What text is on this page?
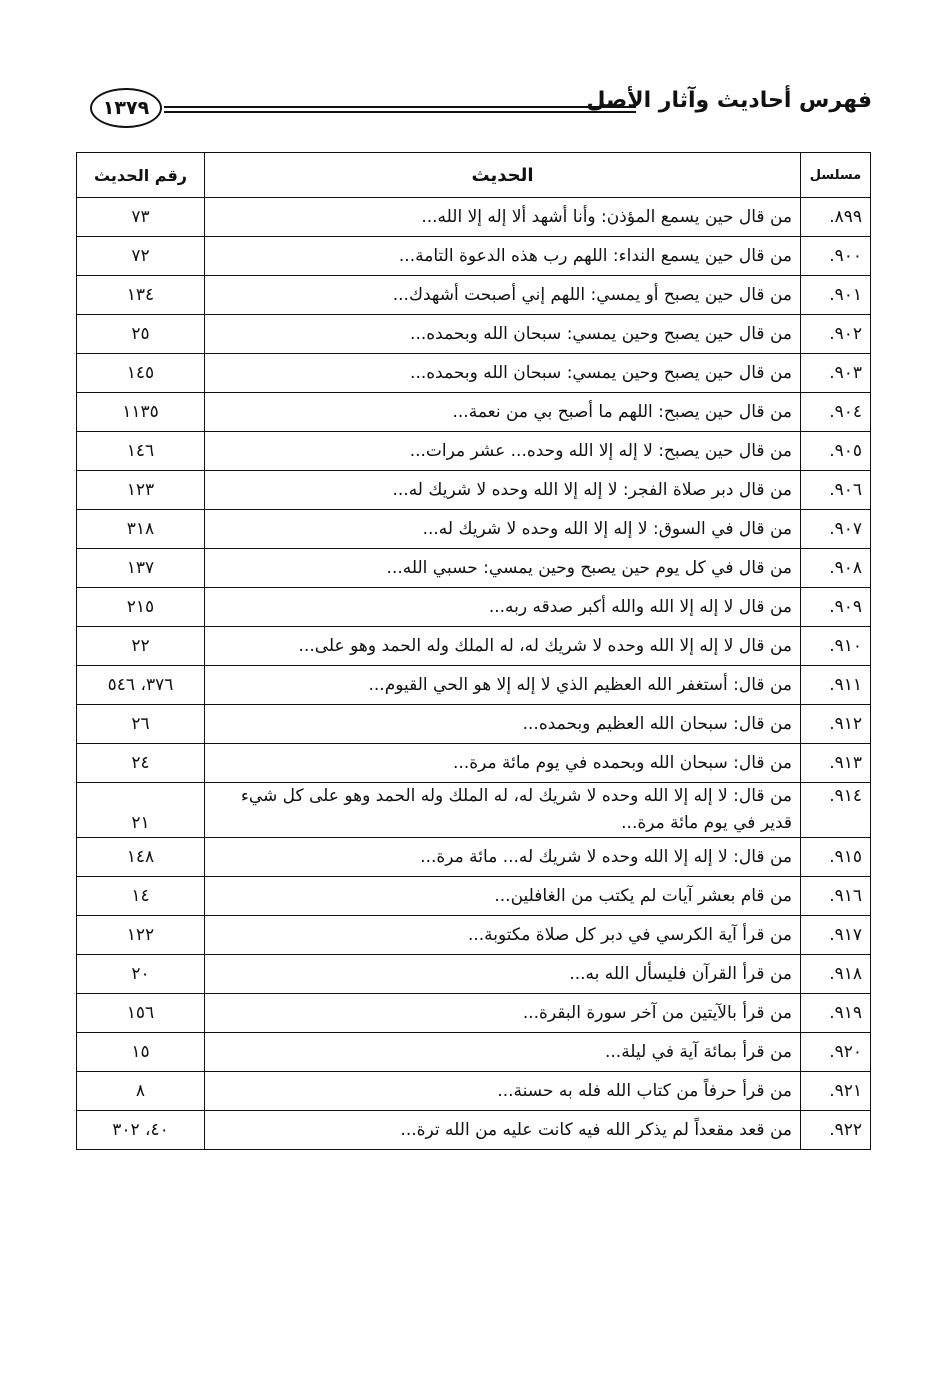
١٣٧٩	فهرس أحاديث وآثار الأصل
مسلسل	الحديث	رقم الحديث
٨٩٩.	من قال حين يسمع المؤذن: وأنا أشهد ألا إله إلا الله...	٧٣
٩٠٠.	من قال حين يسمع النداء: اللهم رب هذه الدعوة التامة...	٧٢
٩٠١.	من قال حين يصبح أو يمسي: اللهم إني أصبحت أشهدك...	١٣٤
٩٠٢.	من قال حين يصبح وحين يمسي: سبحان الله وبحمده...	٢٥
٩٠٣.	من قال حين يصبح وحين يمسي: سبحان الله وبحمده...	١٤٥
٩٠٤.	من قال حين يصبح: اللهم ما أصبح بي من نعمة...	١١٣٥
٩٠٥.	من قال حين يصبح: لا إله إلا الله وحده... عشر مرات...	١٤٦
٩٠٦.	من قال دبر صلاة الفجر: لا إله إلا الله وحده لا شريك له...	١٢٣
٩٠٧.	من قال في السوق: لا إله إلا الله وحده لا شريك له...	٣١٨
٩٠٨.	من قال في كل يوم حين يصبح وحين يمسي: حسبي الله...	١٣٧
٩٠٩.	من قال لا إله إلا الله والله أكبر صدقه ربه...	٢١٥
٩١٠.	من قال لا إله إلا الله وحده لا شريك له، له الملك وله الحمد وهو على...	٢٢
٩١١.	من قال: أستغفر الله العظيم الذي لا إله إلا هو الحي القيوم...	٣٧٦، ٥٤٦
٩١٢.	من قال: سبحان الله العظيم وبحمده...	٢٦
٩١٣.	من قال: سبحان الله وبحمده في يوم مائة مرة...	٢٤
٩١٤.	من قال: لا إله إلا الله وحده لا شريك له، له الملك وله الحمد وهو على كل شيء قدير في يوم مائة مرة...	٢١
٩١٥.	من قال: لا إله إلا الله وحده لا شريك له... مائة مرة...	١٤٨
٩١٦.	من قام بعشر آيات لم يكتب من الغافلين...	١٤
٩١٧.	من قرأ آية الكرسي في دبر كل صلاة مكتوبة...	١٢٢
٩١٨.	من قرأ القرآن فليسأل الله به...	٢٠
٩١٩.	من قرأ بالآيتين من آخر سورة البقرة...	١٥٦
٩٢٠.	من قرأ بمائة آية في ليلة...	١٥
٩٢١.	من قرأ حرفاً من كتاب الله فله به حسنة...	٨
٩٢٢.	من قعد مقعداً لم يذكر الله فيه كانت عليه من الله ترة...	٤٠، ٣٠٢
